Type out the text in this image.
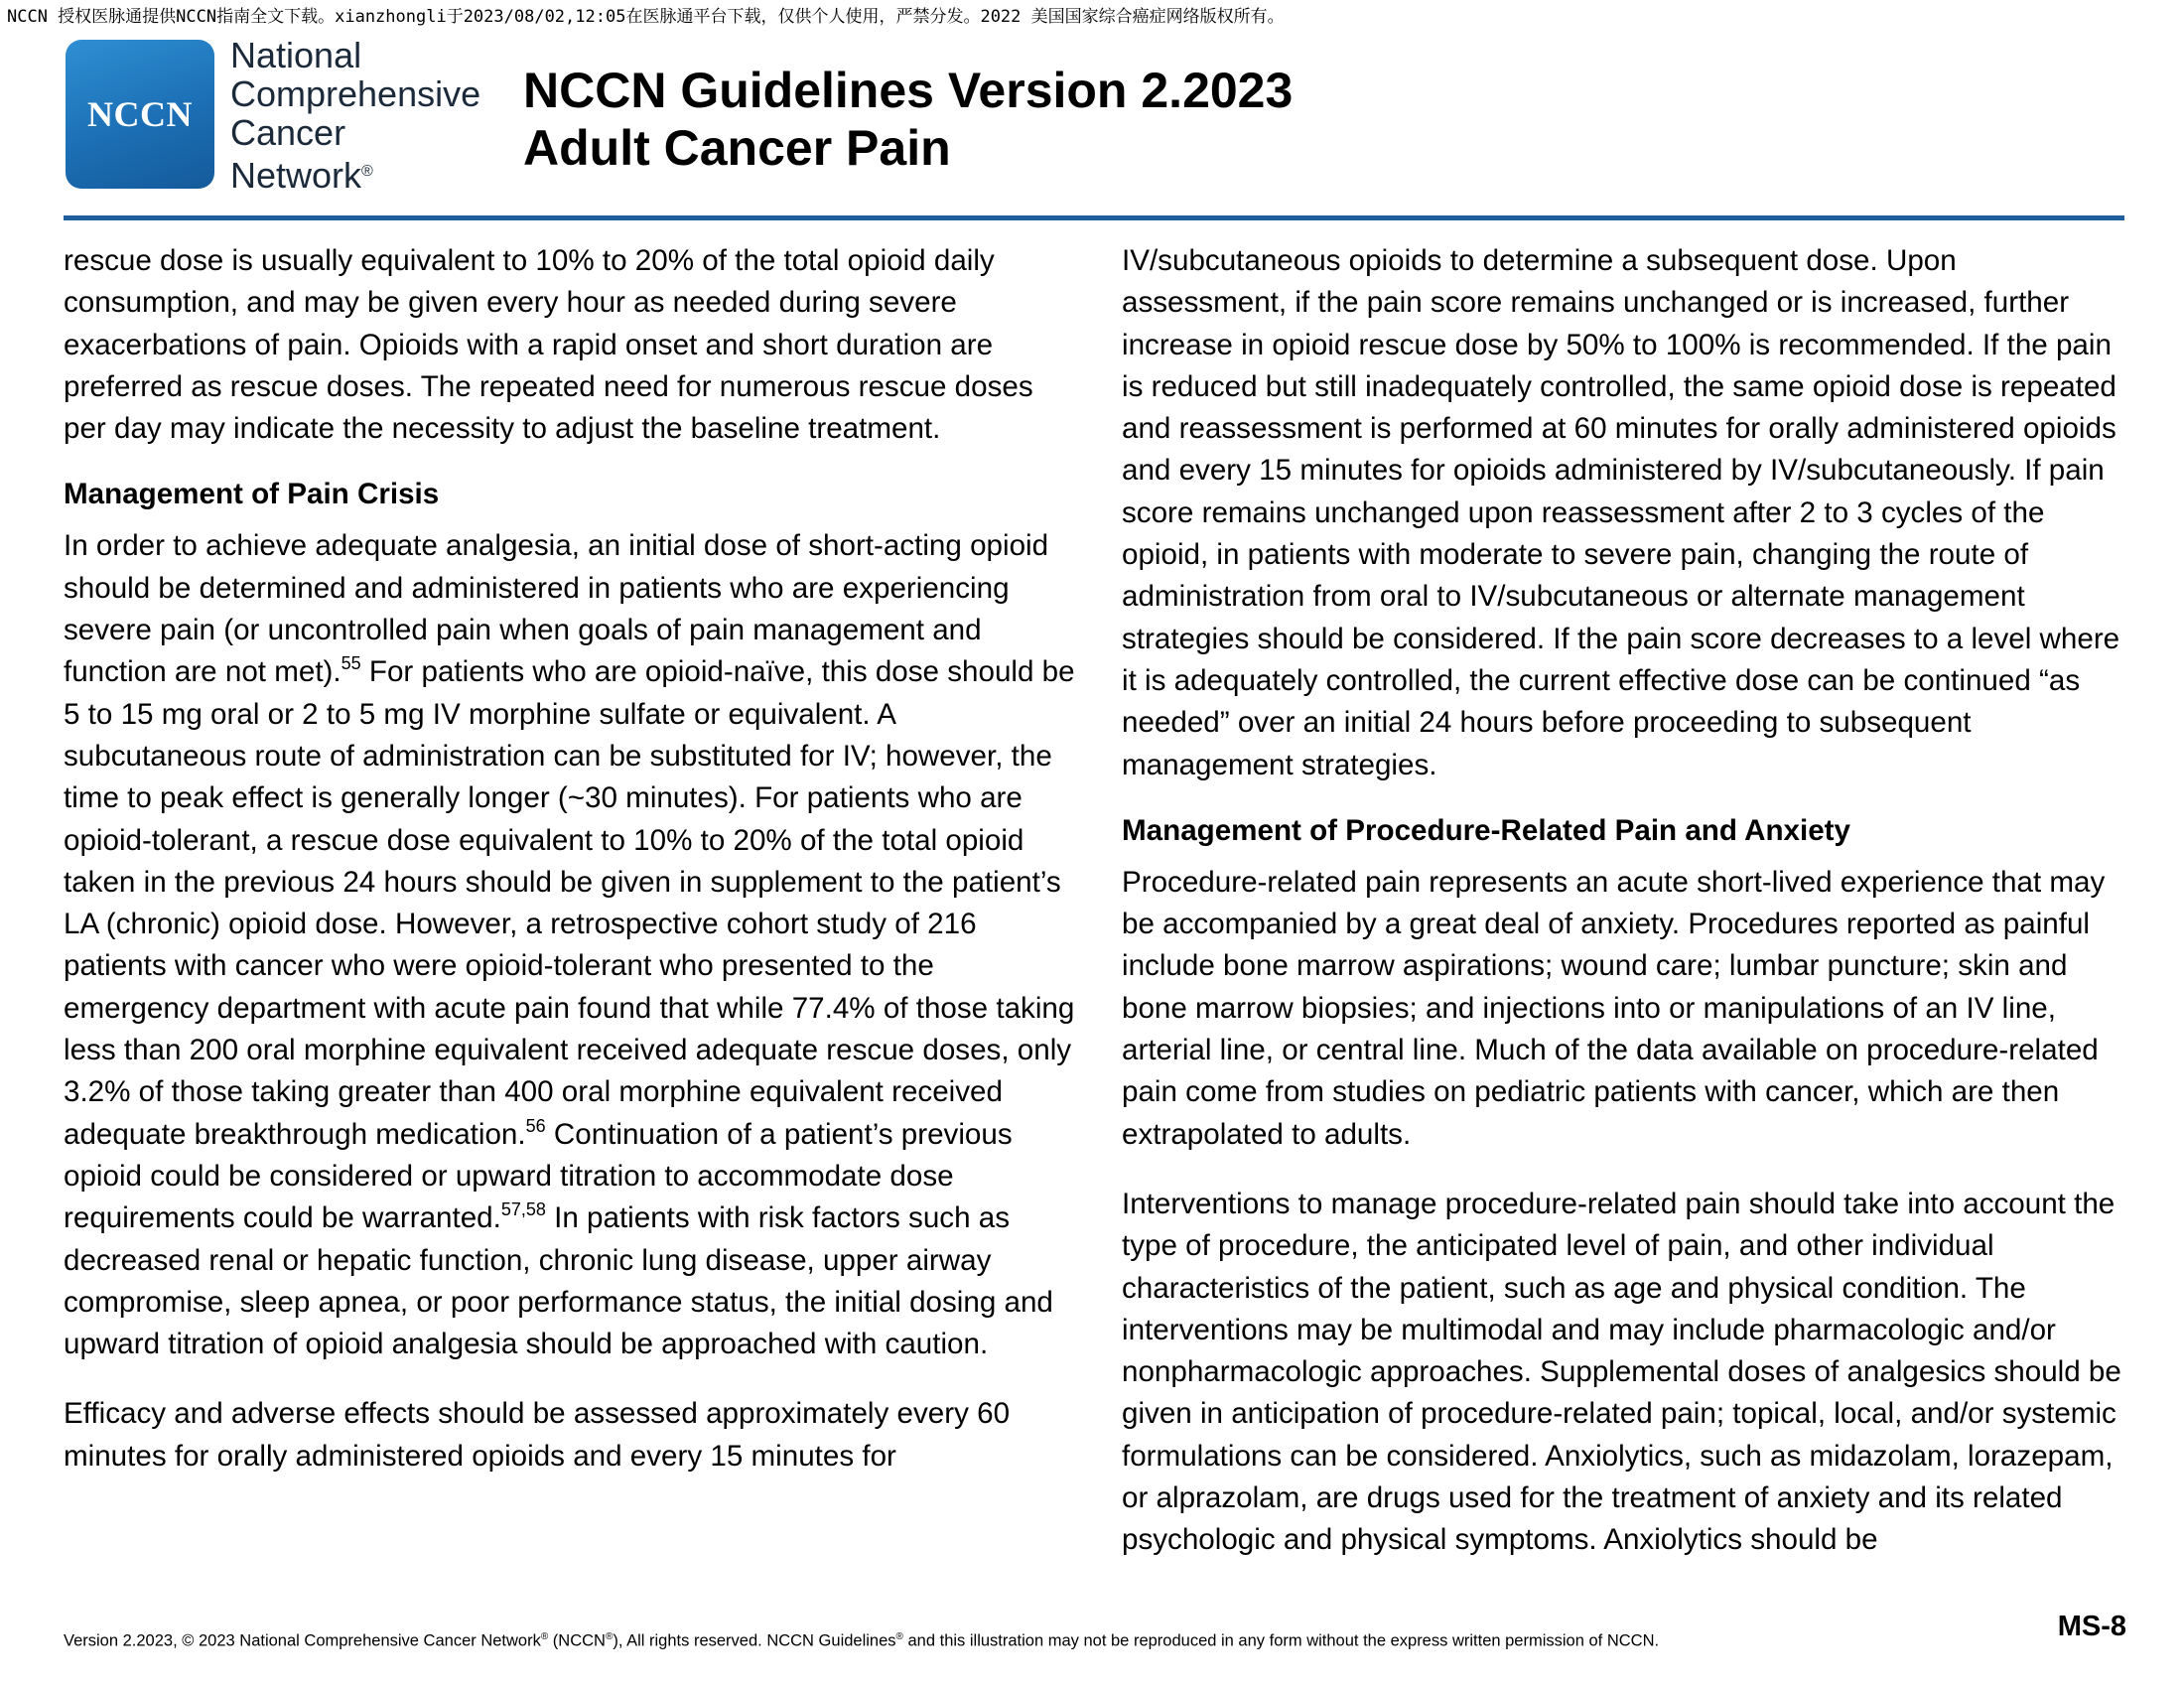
NCCN 授权医脉通提供NCCN指南全文下载。xianzhongli于2023/08/02,12:05在医脉通平台下载，仅供个人使用，严禁分发。2022 美国国家综合癌症网络版权所有。
NCCN
National
Comprehensive
Cancer
Network®
NCCN Guidelines Version 2.2023
Adult Cancer Pain

rescue dose is usually equivalent to 10% to 20% of the total opioid daily consumption, and may be given every hour as needed during severe exacerbations of pain. Opioids with a rapid onset and short duration are preferred as rescue doses. The repeated need for numerous rescue doses per day may indicate the necessity to adjust the baseline treatment.

Management of Pain Crisis

In order to achieve adequate analgesia, an initial dose of short-acting opioid should be determined and administered in patients who are experiencing severe pain (or uncontrolled pain when goals of pain management and function are not met).$^{55}$ For patients who are opioid-naïve, this dose should be 5 to 15 mg oral or 2 to 5 mg IV morphine sulfate or equivalent. A subcutaneous route of administration can be substituted for IV; however, the time to peak effect is generally longer (~30 minutes). For patients who are opioid-tolerant, a rescue dose equivalent to 10% to 20% of the total opioid taken in the previous 24 hours should be given in supplement to the patient’s LA (chronic) opioid dose. However, a retrospective cohort study of 216 patients with cancer who were opioid-tolerant who presented to the emergency department with acute pain found that while 77.4% of those taking less than 200 oral morphine equivalent received adequate rescue doses, only 3.2% of those taking greater than 400 oral morphine equivalent received adequate breakthrough medication.$^{56}$ Continuation of a patient’s previous opioid could be considered or upward titration to accommodate dose requirements could be warranted.$^{57,58}$ In patients with risk factors such as decreased renal or hepatic function, chronic lung disease, upper airway compromise, sleep apnea, or poor performance status, the initial dosing and upward titration of opioid analgesia should be approached with caution.

Efficacy and adverse effects should be assessed approximately every 60 minutes for orally administered opioids and every 15 minutes for

IV/subcutaneous opioids to determine a subsequent dose. Upon assessment, if the pain score remains unchanged or is increased, further increase in opioid rescue dose by 50% to 100% is recommended. If the pain is reduced but still inadequately controlled, the same opioid dose is repeated and reassessment is performed at 60 minutes for orally administered opioids and every 15 minutes for opioids administered by IV/subcutaneously. If pain score remains unchanged upon reassessment after 2 to 3 cycles of the opioid, in patients with moderate to severe pain, changing the route of administration from oral to IV/subcutaneous or alternate management strategies should be considered. If the pain score decreases to a level where it is adequately controlled, the current effective dose can be continued “as needed” over an initial 24 hours before proceeding to subsequent management strategies.

Management of Procedure-Related Pain and Anxiety

Procedure-related pain represents an acute short-lived experience that may be accompanied by a great deal of anxiety. Procedures reported as painful include bone marrow aspirations; wound care; lumbar puncture; skin and bone marrow biopsies; and injections into or manipulations of an IV line, arterial line, or central line. Much of the data available on procedure-related pain come from studies on pediatric patients with cancer, which are then extrapolated to adults.

Interventions to manage procedure-related pain should take into account the type of procedure, the anticipated level of pain, and other individual characteristics of the patient, such as age and physical condition. The interventions may be multimodal and may include pharmacologic and/or nonpharmacologic approaches. Supplemental doses of analgesics should be given in anticipation of procedure-related pain; topical, local, and/or systemic formulations can be considered. Anxiolytics, such as midazolam, lorazepam, or alprazolam, are drugs used for the treatment of anxiety and its related psychologic and physical symptoms. Anxiolytics should be

Version 2.2023, © 2023 National Comprehensive Cancer Network® (NCCN®), All rights reserved. NCCN Guidelines® and this illustration may not be reproduced in any form without the express written permission of NCCN.	MS-8
